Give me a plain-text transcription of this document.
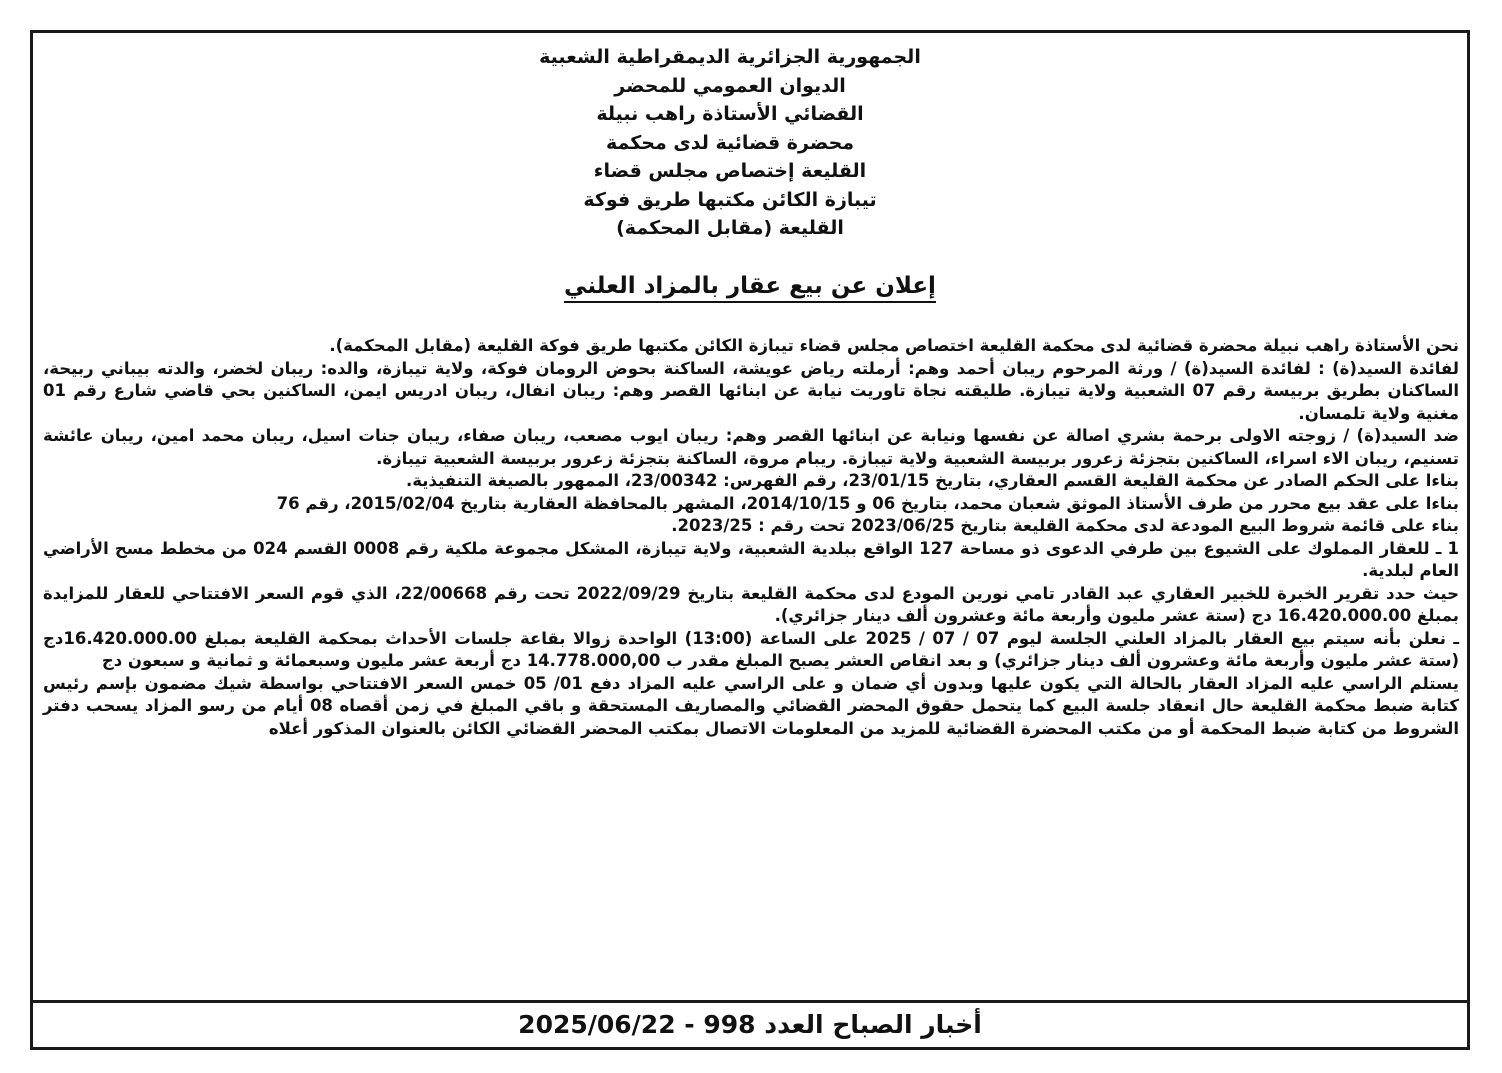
الجمهورية الجزائرية الديمقراطية الشعبية
الديوان العمومي للمحضر
القضائي الأستاذة راهب نبيلة
محضرة قضائية لدى محكمة
القليعة إختصاص مجلس قضاء
تيبازة الكائن مكتبها طريق فوكة
القليعة (مقابل المحكمة)
إعلان عن بيع عقار بالمزاد العلني

نحن الأستاذة راهب نبيلة محضرة قضائية لدى محكمة القليعة اختصاص مجلس قضاء تيبازة الكائن مكتبها طريق فوكة القليعة (مقابل المحكمة).

لفائدة السيد(ة) : لفائدة السيد(ة) / ورثة المرحوم ريبان أحمد وهم: أرملته رياض عويشة، الساكنة بحوض الرومان فوكة، ولاية تيبازة، والده: ريبان لخضر، والدته بيباني ربيحة، الساكنان بطريق بربيسة رقم 07 الشعبية ولاية تيبازة. طليقته نجاة تاوريت نيابة عن ابنائها القصر وهم: ريبان انفال، ريبان ادريس ايمن، الساكنين بحي قاضي شارع رقم 01 مغنية ولاية تلمسان.

ضد السيد(ة) / زوجته الاولى برحمة بشري اصالة عن نفسها ونيابة عن ابنائها القصر وهم: ريبان ايوب مصعب، ريبان صفاء، ريبان جنات اسيل، ريبان محمد امين، ريبان عائشة تسنيم، ريبان الاء اسراء، الساكنين بتجزئة زعرور بربيسة الشعبية ولاية تيبازة. ريبام مروة، الساكنة بتجزئة زعرور بربيسة الشعبية تيبازة.

بناءا على الحكم الصادر عن محكمة القليعة القسم العقاري، بتاريخ 23/01/15، رقم الفهرس: 23/00342، الممهور بالصيغة التنفيذية.

بناءا على عقد بيع محرر من طرف الأستاذ الموثق شعبان محمد، بتاريخ 06 و 2014/10/15، المشهر بالمحافظة العقارية بتاريخ 2015/02/04، رقم 76

بناء على قائمة شروط البيع المودعة لدى محكمة القليعة بتاريخ 2023/06/25 تحت رقم : 2023/25.

1 ـ للعقار المملوك على الشيوع بين طرفي الدعوى ذو مساحة 127 الواقع ببلدية الشعبية، ولاية تيبازة، المشكل مجموعة ملكية رقم 0008 القسم 024 من مخطط مسح الأراضي العام لبلدية.

حيث حدد تقرير الخبرة للخبير العقاري عبد القادر تامي نورين المودع لدى محكمة القليعة بتاريخ 2022/09/29 تحت رقم 22/00668، الذي قوم السعر الافتتاحي للعقار للمزايدة بمبلغ 16.420.000.00 دج (ستة عشر مليون وأربعة مائة وعشرون ألف دينار جزائري).

ـ نعلن بأنه سيتم بيع العقار بالمزاد العلني الجلسة ليوم 07 / 07 / 2025 على الساعة (13:00) الواحدة زوالا بقاعة جلسات الأحداث بمحكمة القليعة بمبلغ 16.420.000.00دج (ستة عشر مليون وأربعة مائة وعشرون ألف دينار جزائري) و بعد انقاص العشر يصبح المبلغ مقدر ب 14.778.000,00 دج أربعة عشر مليون وسبعمائة و ثمانية و سبعون دج

يستلم الراسي عليه المزاد العقار بالحالة التي يكون عليها وبدون أي ضمان و على الراسي عليه المزاد دفع 01/ 05 خمس السعر الافتتاحي بواسطة شيك مضمون بإسم رئيس كتابة ضبط محكمة القليعة حال انعقاد جلسة البيع كما يتحمل حقوق المحضر القضائي والمصاريف المستحقة و باقي المبلغ في زمن أقصاه 08 أيام من رسو المزاد يسحب دفتر الشروط من كتابة ضبط المحكمة أو من مكتب المحضرة القضائية للمزيد من المعلومات الاتصال بمكتب المحضر القضائي الكائن بالعنوان المذكور أعلاه

أخبار الصباح العدد 998 - 2025/06/22
